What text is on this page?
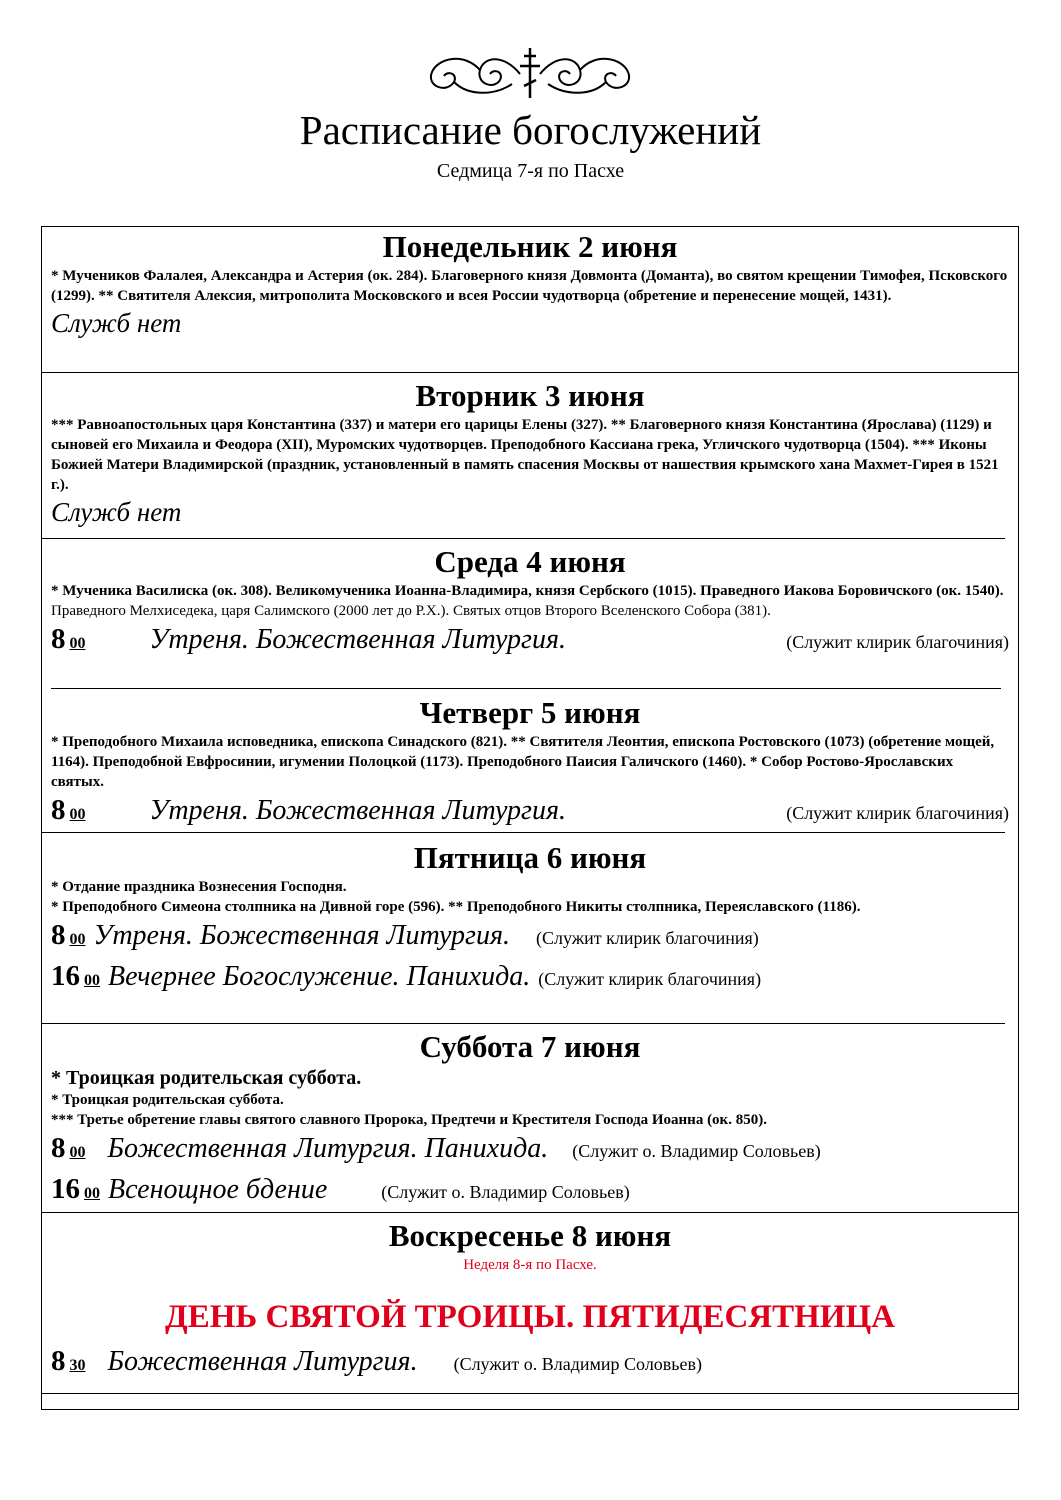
Расписание богослужений
Седмица 7-я по Пасхе

Понедельник 2 июня

* Мучеников Фалалея, Александра и Астерия (ок. 284). Благоверного князя Довмонта (Доманта), во святом крещении Тимофея, Псковского (1299). ** Святителя Алексия, митрополита Московского и всея России чудотворца (обретение и перенесение мощей, 1431).

Служб нет

Вторник 3 июня

*** Равноапостольных царя Константина (337) и матери его царицы Елены (327). ** Благоверного князя Константина (Ярослава) (1129) и сыновей его Михаила и Феодора (XII), Муромских чудотворцев. Преподобного Кассиана грека, Угличского чудотворца (1504). *** Иконы Божией Матери Владимирской (праздник, установленный в память спасения Москвы от нашествия крымского хана Махмет-Гирея в 1521 г.).

Служб нет

Среда 4 июня

* Мученика Василиска (ок. 308). Великомученика Иоанна-Владимира, князя Сербского (1015). Праведного Иакова Боровичского (ок. 1540).

Праведного Мелхиседека, царя Салимского (2000 лет до Р.Х.). Святых отцов Второго Вселенского Собора (381).

8 00 Утреня. Божественная Литургия.	(Служит клирик благочиния)

Четверг 5 июня

* Преподобного Михаила исповедника, епископа Синадского (821). ** Святителя Леонтия, епископа Ростовского (1073) (обретение мощей, 1164). Преподобной Евфросинии, игумении Полоцкой (1173). Преподобного Паисия Галичского (1460). * Собор Ростово-Ярославских святых.

8 00 Утреня. Божественная Литургия.	(Служит клирик благочиния)

Пятница 6 июня

* Отдание праздника Вознесения Господня.

* Преподобного Симеона столпника на Дивной горе (596). ** Преподобного Никиты столпника, Переяславского (1186).

8 00 Утреня. Божественная Литургия. (Служит клирик благочиния)
16 00 Вечернее Богослужение. Панихида. (Служит клирик благочиния)

Суббота 7 июня

* Троицкая родительская суббота.

* Троицкая родительская суббота.

*** Третье обретение главы святого славного Пророка, Предтечи и Крестителя Господа Иоанна (ок. 850).

8 00 Божественная Литургия. Панихида. (Служит о. Владимир Соловьев)
16 00 Всенощное бдение	(Служит о. Владимир Соловьев)

Воскресенье 8 июня

Неделя 8-я по Пасхе.

ДЕНЬ СВЯТОЙ ТРОИЦЫ. ПЯТИДЕСЯТНИЦА

8 30 Божественная Литургия. (Служит о. Владимир Соловьев)
